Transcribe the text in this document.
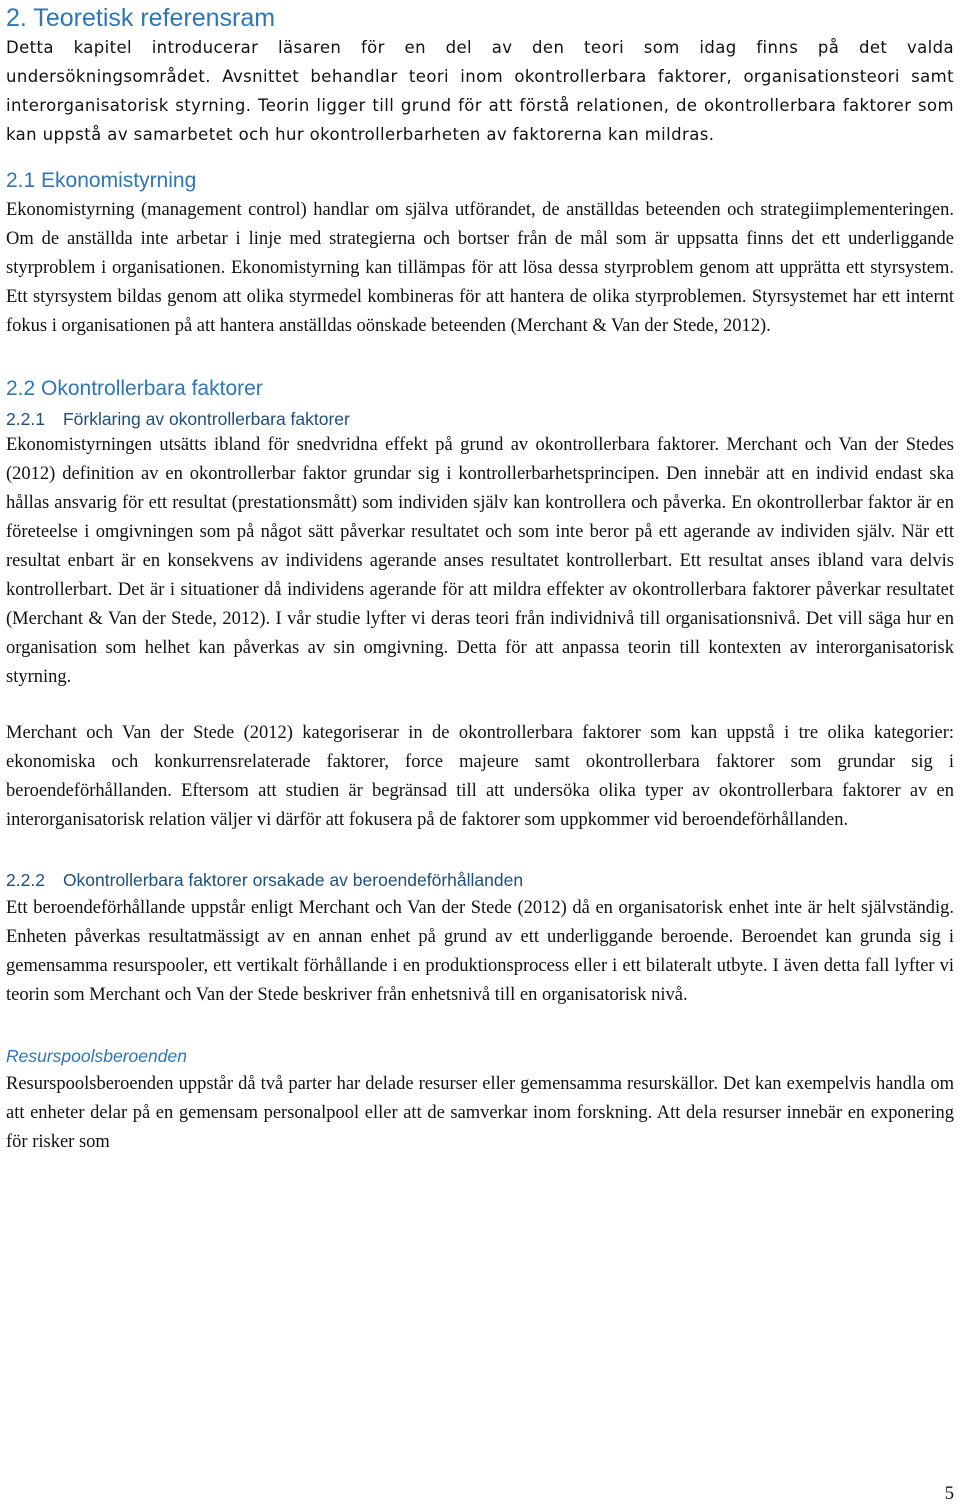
2. Teoretisk referensram

Detta kapitel introducerar läsaren för en del av den teori som idag finns på det valda undersökningsområdet. Avsnittet behandlar teori inom okontrollerbara faktorer, organisationsteori samt interorganisatorisk styrning. Teorin ligger till grund för att förstå relationen, de okontrollerbara faktorer som kan uppstå av samarbetet och hur okontrollerbarheten av faktorerna kan mildras.

2.1 Ekonomistyrning

Ekonomistyrning (management control) handlar om själva utförandet, de anställdas beteenden och strategiimplementeringen. Om de anställda inte arbetar i linje med strategierna och bortser från de mål som är uppsatta finns det ett underliggande styrproblem i organisationen. Ekonomistyrning kan tillämpas för att lösa dessa styrproblem genom att upprätta ett styrsystem. Ett styrsystem bildas genom att olika styrmedel kombineras för att hantera de olika styrproblemen. Styrsystemet har ett internt fokus i organisationen på att hantera anställdas oönskade beteenden (Merchant & Van der Stede, 2012).

2.2 Okontrollerbara faktorer
2.2.1 Förklaring av okontrollerbara faktorer

Ekonomistyrningen utsätts ibland för snedvridna effekt på grund av okontrollerbara faktorer. Merchant och Van der Stedes (2012) definition av en okontrollerbar faktor grundar sig i kontrollerbarhetsprincipen. Den innebär att en individ endast ska hållas ansvarig för ett resultat (prestationsmått) som individen själv kan kontrollera och påverka. En okontrollerbar faktor är en företeelse i omgivningen som på något sätt påverkar resultatet och som inte beror på ett agerande av individen själv. När ett resultat enbart är en konsekvens av individens agerande anses resultatet kontrollerbart. Ett resultat anses ibland vara delvis kontrollerbart. Det är i situationer då individens agerande för att mildra effekter av okontrollerbara faktorer påverkar resultatet (Merchant & Van der Stede, 2012). I vår studie lyfter vi deras teori från individnivå till organisationsnivå. Det vill säga hur en organisation som helhet kan påverkas av sin omgivning. Detta för att anpassa teorin till kontexten av interorganisatorisk styrning.

Merchant och Van der Stede (2012) kategoriserar in de okontrollerbara faktorer som kan uppstå i tre olika kategorier: ekonomiska och konkurrensrelaterade faktorer, force majeure samt okontrollerbara faktorer som grundar sig i beroendeförhållanden. Eftersom att studien är begränsad till att undersöka olika typer av okontrollerbara faktorer av en interorganisatorisk relation väljer vi därför att fokusera på de faktorer som uppkommer vid beroendeförhållanden.

2.2.2 Okontrollerbara faktorer orsakade av beroendeförhållanden

Ett beroendeförhållande uppstår enligt Merchant och Van der Stede (2012) då en organisatorisk enhet inte är helt självständig. Enheten påverkas resultatmässigt av en annan enhet på grund av ett underliggande beroende. Beroendet kan grunda sig i gemensamma resurspooler, ett vertikalt förhållande i en produktionsprocess eller i ett bilateralt utbyte. I även detta fall lyfter vi teorin som Merchant och Van der Stede beskriver från enhetsnivå till en organisatorisk nivå.

Resurspoolsberoenden

Resurspoolsberoenden uppstår då två parter har delade resurser eller gemensamma resurskällor. Det kan exempelvis handla om att enheter delar på en gemensam personalpool eller att de samverkar inom forskning. Att dela resurser innebär en exponering för risker som

5
